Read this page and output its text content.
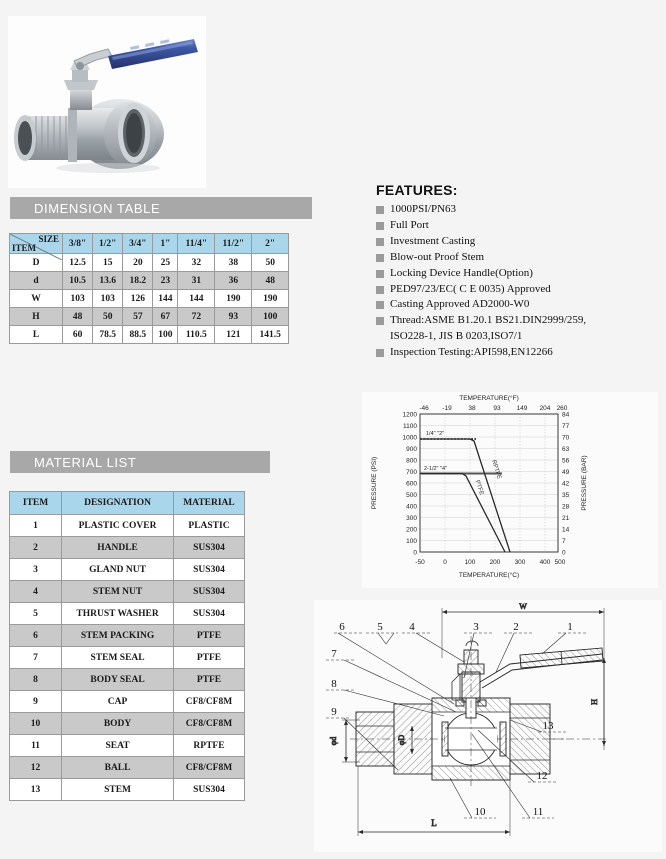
DIMENSION TABLE
SIZE
ITEM	3/8"	1/2"	3/4"	1"	11/4"	11/2"	2"
D	12.5	15	20	25	32	38	50
d	10.5	13.6	18.2	23	31	36	48
W	103	103	126	144	144	190	190
H	48	50	57	67	72	93	100
L	60	78.5	88.5	100	110.5	121	141.5
MATERIAL LIST
ITEM	DESIGNATION	MATERIAL
1	PLASTIC COVER	PLASTIC
2	HANDLE	SUS304
3	GLAND NUT	SUS304
4	STEM NUT	SUS304
5	THRUST WASHER	SUS304
6	STEM PACKING	PTFE
7	STEM SEAL	PTFE
8	BODY SEAL	PTFE
9	CAP	CF8/CF8M
10	BODY	CF8/CF8M
11	SEAT	RPTFE
12	BALL	CF8/CF8M
13	STEM	SUS304
FEATURES:
1000PSI/PN63
Full Port
Investment Casting
Blow-out Proof Stem
Locking Device Handle(Option)
PED97/23/EC( C E 0035) Approved
Casting Approved AD2000-W0
Thread:ASME B1.20.1 BS21.DIN2999/259,
ISO228-1, JIS B 0203,ISO7/1
Inspection Testing:API598,EN12266
1200
1100
1000
900
800
700
600
500
400
300
200
100
0
84
77
70
63
56
49
42
35
28
21
14
7
0
-46 -19	38	93 149 204 260
TEMPERATURE(°F)
-50	0	100 200 300 400 500
TEMPERATURE(°C)
PRESSURE (PSI)	PRESSURE (BAR)
RPTFE
PTFE
1/4" "2"
2-1/2" "4"
W
H
L
φd	φD
6	5 4	3	2	1
7
8
9
13
12
11
10
